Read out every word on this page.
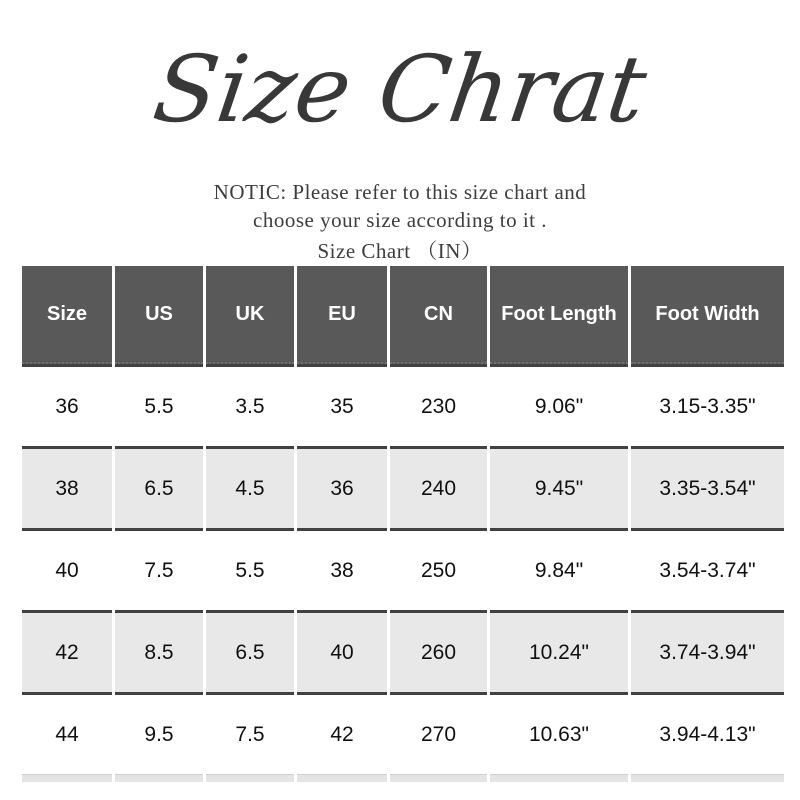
Size Chrat
NOTIC: Please refer to this size chart and
choose your size according to it .
Size Chart （IN）
Size	US	UK	EU	CN	Foot Length	Foot Width
36	5.5	3.5	35	230	9.06"	3.15-3.35"
38	6.5	4.5	36	240	9.45"	3.35-3.54"
40	7.5	5.5	38	250	9.84"	3.54-3.74"
42	8.5	6.5	40	260	10.24"	3.74-3.94"
44	9.5	7.5	42	270	10.63"	3.94-4.13"
